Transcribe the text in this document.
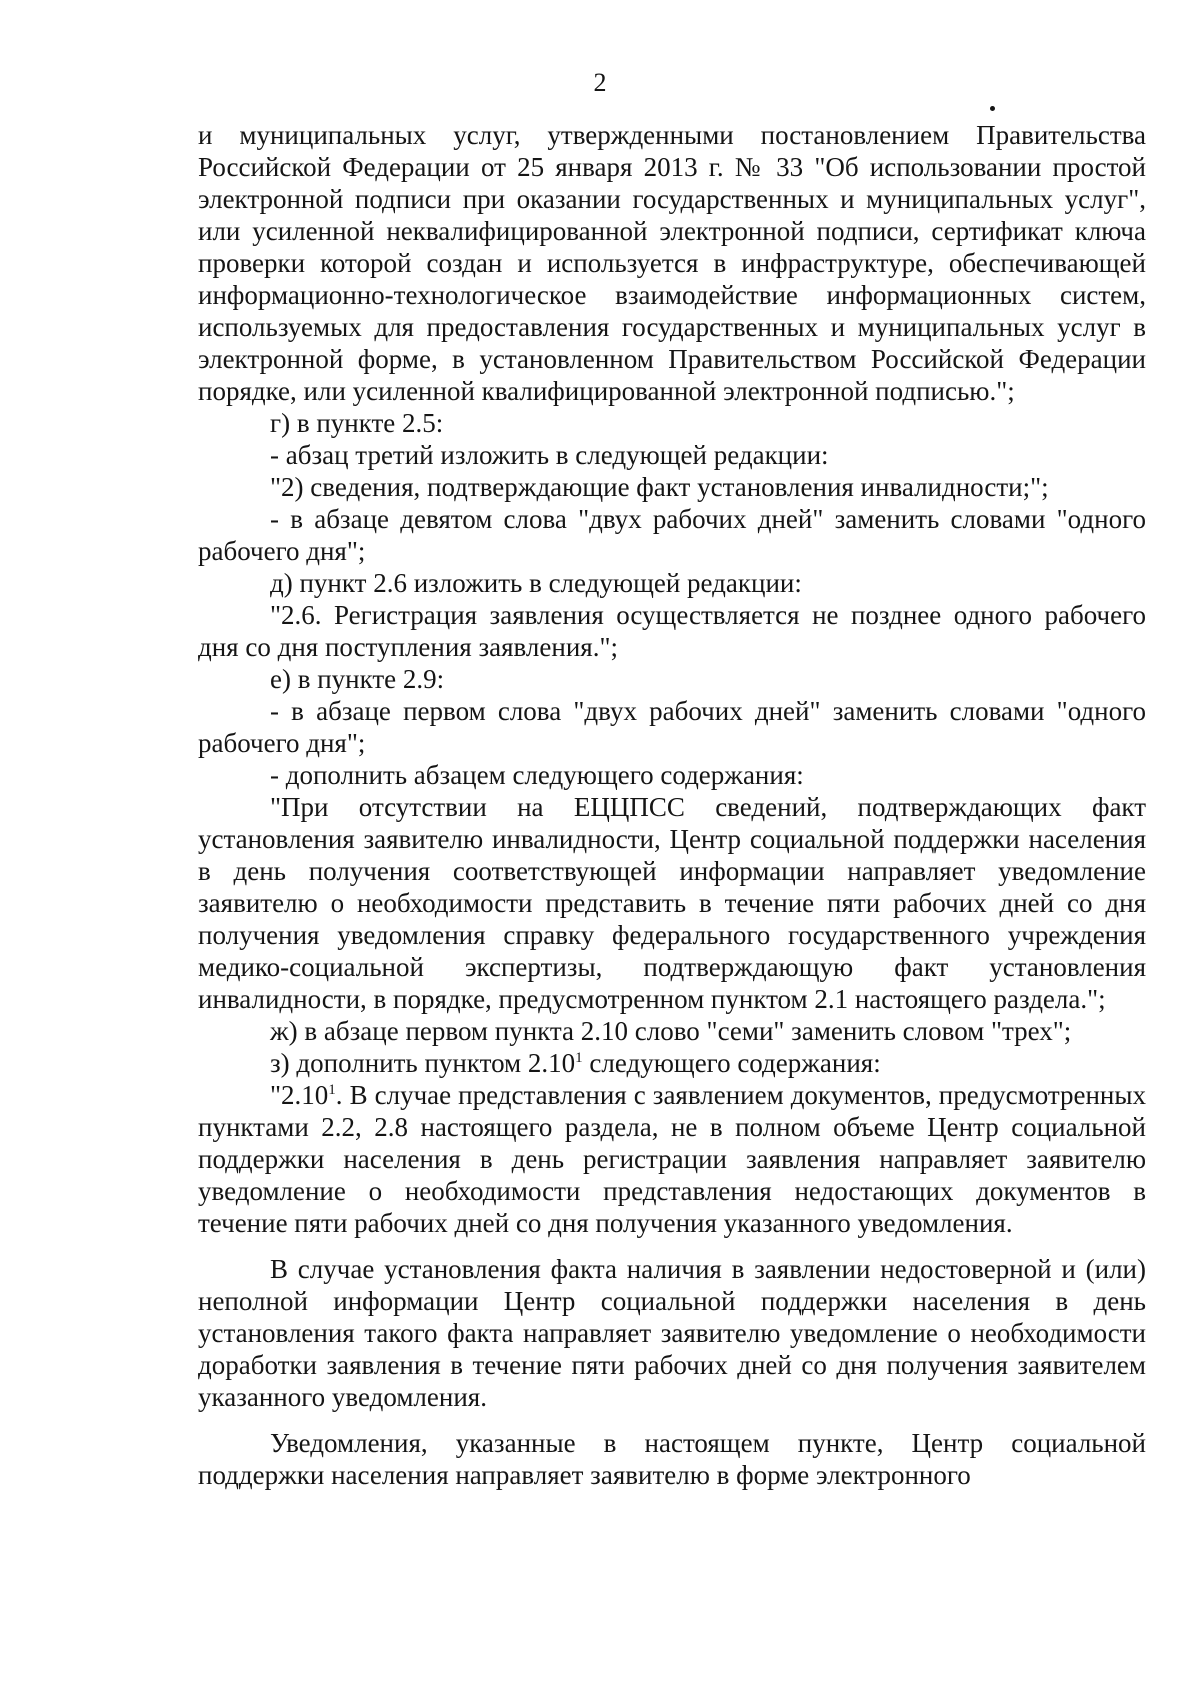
2

и муниципальных услуг, утвержденными постановлением Правительства Российской Федерации от 25 января 2013 г. № 33 "Об использовании простой электронной подписи при оказании государственных и муниципальных услуг", или усиленной неквалифицированной электронной подписи, сертификат ключа проверки которой создан и используется в инфраструктуре, обеспечивающей информационно-технологическое взаимодействие информационных систем, используемых для предоставления государственных и муниципальных услуг в электронной форме, в установленном Правительством Российской Федерации порядке, или усиленной квалифицированной электронной подписью.";

г) в пункте 2.5:

- абзац третий изложить в следующей редакции:

"2) сведения, подтверждающие факт установления инвалидности;";

- в абзаце девятом слова "двух рабочих дней" заменить словами "одного рабочего дня";

д) пункт 2.6 изложить в следующей редакции:

"2.6. Регистрация заявления осуществляется не позднее одного рабочего дня со дня поступления заявления.";

е) в пункте 2.9:

- в абзаце первом слова "двух рабочих дней" заменить словами "одного рабочего дня";

- дополнить абзацем следующего содержания:

"При отсутствии на ЕЦЦПСС сведений, подтверждающих факт установления заявителю инвалидности, Центр социальной поддержки населения в день получения соответствующей информации направляет уведомление заявителю о необходимости представить в течение пяти рабочих дней со дня получения уведомления справку федерального государственного учреждения медико-социальной экспертизы, подтверждающую факт установления инвалидности, в порядке, предусмотренном пунктом 2.1 настоящего раздела.";

ж) в абзаце первом пункта 2.10 слово "семи" заменить словом "трех";

з) дополнить пунктом 2.10$^1$ следующего содержания:

"2.10$^1$. В случае представления с заявлением документов, предусмотренных пунктами 2.2, 2.8 настоящего раздела, не в полном объеме Центр социальной поддержки населения в день регистрации заявления направляет заявителю уведомление о необходимости представления недостающих документов в течение пяти рабочих дней со дня получения указанного уведомления.

В случае установления факта наличия в заявлении недостоверной и (или) неполной информации Центр социальной поддержки населения в день установления такого факта направляет заявителю уведомление о необходимости доработки заявления в течение пяти рабочих дней со дня получения заявителем указанного уведомления.

Уведомления, указанные в настоящем пункте, Центр социальной поддержки населения направляет заявителю в форме электронного
